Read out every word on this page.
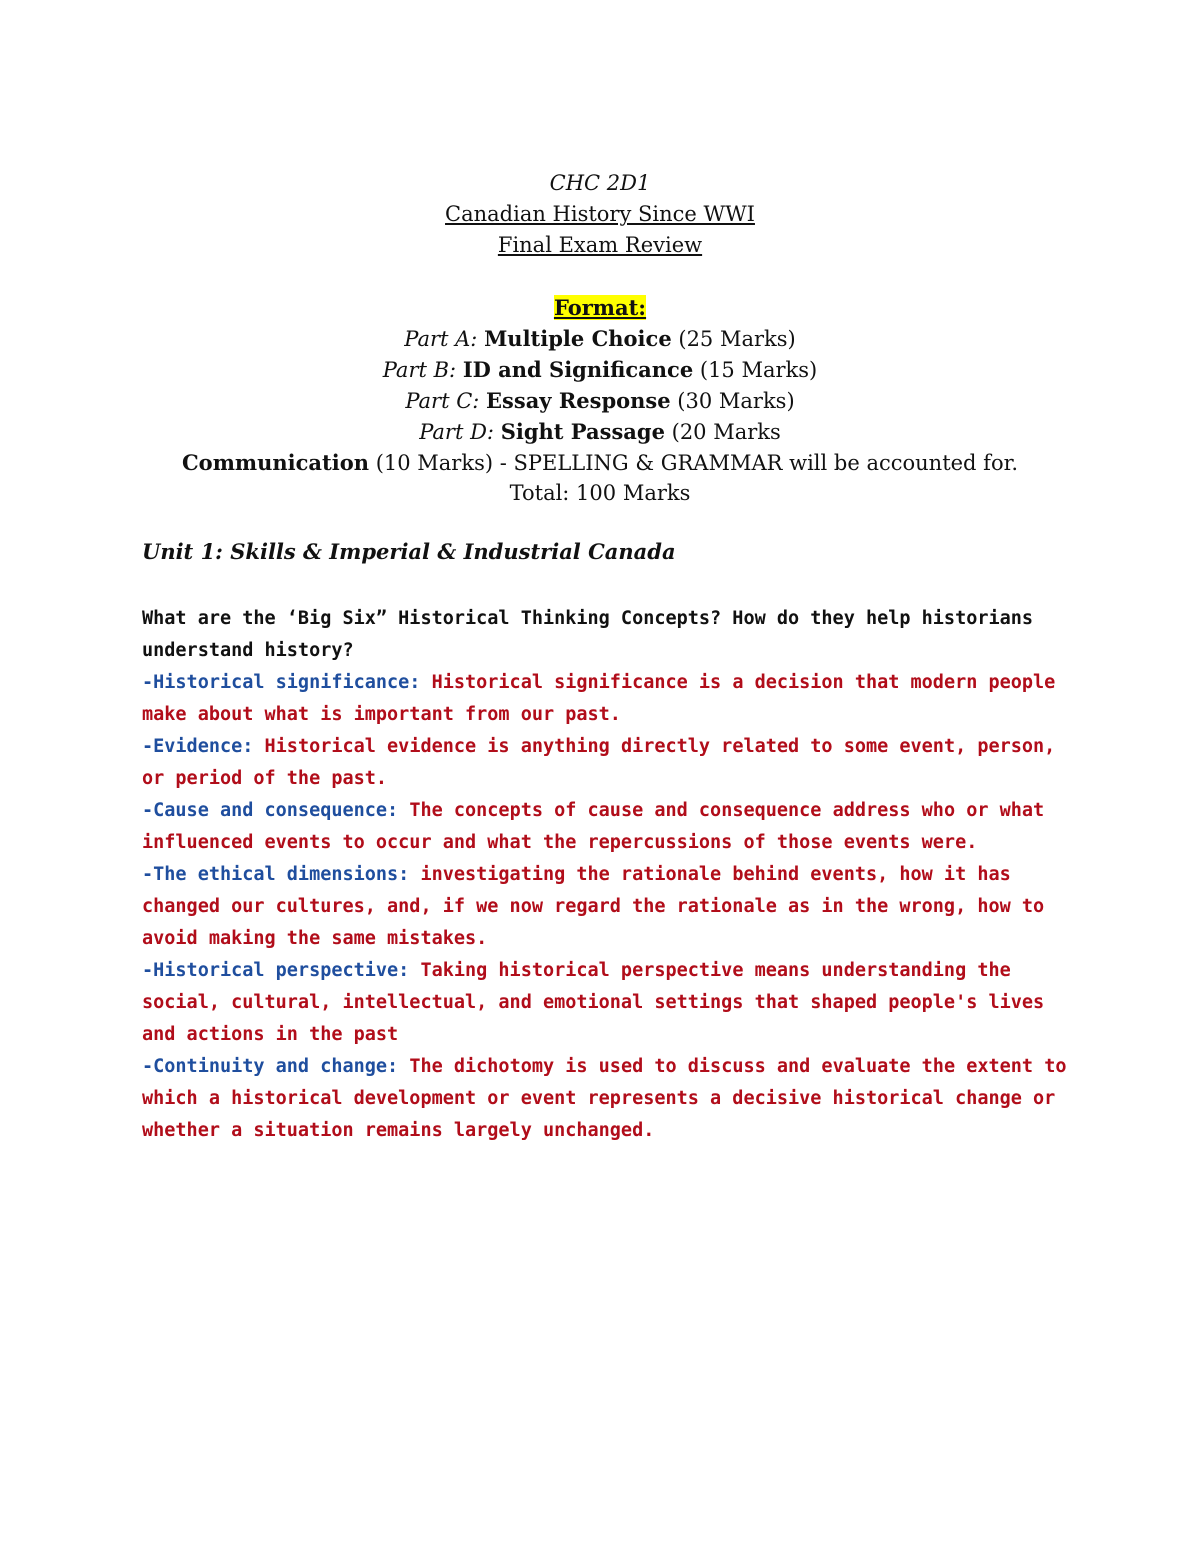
CHC 2D1
Canadian History Since WWI
Final Exam Review
Format:
Part A: Multiple Choice (25 Marks)
Part B: ID and Significance (15 Marks)
Part C: Essay Response (30 Marks)
Part D: Sight Passage (20 Marks
Communication (10 Marks) - SPELLING & GRAMMAR will be accounted for.
Total: 100 Marks
Unit 1: Skills & Imperial & Industrial Canada

What are the ‘Big Six” Historical Thinking Concepts? How do they help historians understand history?

-Historical significance: Historical significance is a decision that modern people make about what is important from our past.

-Evidence: Historical evidence is anything directly related to some event, person, or period of the past.

-Cause and consequence: The concepts of cause and consequence address who or what influenced events to occur and what the repercussions of those events were.

-The ethical dimensions: investigating the rationale behind events, how it has changed our cultures, and, if we now regard the rationale as in the wrong, how to avoid making the same mistakes.

-Historical perspective: Taking historical perspective means understanding the social, cultural, intellectual, and emotional settings that shaped people's lives and actions in the past

-Continuity and change: The dichotomy is used to discuss and evaluate the extent to which a historical development or event represents a decisive historical change or whether a situation remains largely unchanged.
